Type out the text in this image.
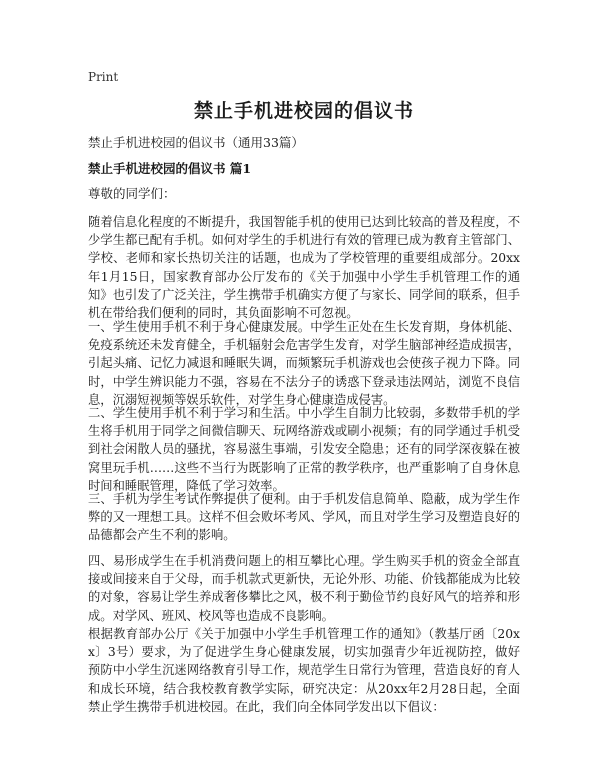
Print
禁止手机进校园的倡议书
禁止手机进校园的倡议书（通用33篇）
禁止手机进校园的倡议书 篇1
尊敬的同学们：

随着信息化程度的不断提升，我国智能手机的使用已达到比较高的普及程度，不少学生都已配有手机。如何对学生的手机进行有效的管理已成为教育主管部门、学校、老师和家长热切关注的话题，也成为了学校管理的重要组成部分。20xx年1月15日，国家教育部办公厅发布的《关于加强中小学生手机管理工作的通知》也引发了广泛关注，学生携带手机确实方便了与家长、同学间的联系，但手机在带给我们便利的同时，其负面影响不可忽视。

一、学生使用手机不利于身心健康发展。中学生正处在生长发育期，身体机能、免疫系统还未发育健全，手机辐射会危害学生发育，对学生脑部神经造成损害，引起头痛、记忆力减退和睡眠失调，而频繁玩手机游戏也会使孩子视力下降。同时，中学生辨识能力不强，容易在不法分子的诱惑下登录违法网站，浏览不良信息，沉溺短视频等娱乐软件，对学生身心健康造成侵害。

二、学生使用手机不利于学习和生活。中小学生自制力比较弱，多数带手机的学生将手机用于同学之间微信聊天、玩网络游戏或刷小视频；有的同学通过手机受到社会闲散人员的骚扰，容易滋生事端，引发安全隐患；还有的同学深夜躲在被窝里玩手机……这些不当行为既影响了正常的教学秩序，也严重影响了自身休息时间和睡眠管理，降低了学习效率。

三、手机为学生考试作弊提供了便利。由于手机发信息简单、隐蔽，成为学生作弊的又一理想工具。这样不但会败坏考风、学风，而且对学生学习及塑造良好的品德都会产生不利的影响。

四、易形成学生在手机消费问题上的相互攀比心理。学生购买手机的资金全部直接或间接来自于父母，而手机款式更新快，无论外形、功能、价钱都能成为比较的对象，容易让学生养成奢侈攀比之风，极不利于勤俭节约良好风气的培养和形成。对学风、班风、校风等也造成不良影响。

根据教育部办公厅《关于加强中小学生手机管理工作的通知》（教基厅函〔20xx〕3号）要求，为了促进学生身心健康发展，切实加强青少年近视防控，做好预防中小学生沉迷网络教育引导工作，规范学生日常行为管理，营造良好的育人和成长环境，结合我校教育教学实际，研究决定：从20xx年2月28日起，全面禁止学生携带手机进校园。在此，我们向全体同学发出以下倡议：
